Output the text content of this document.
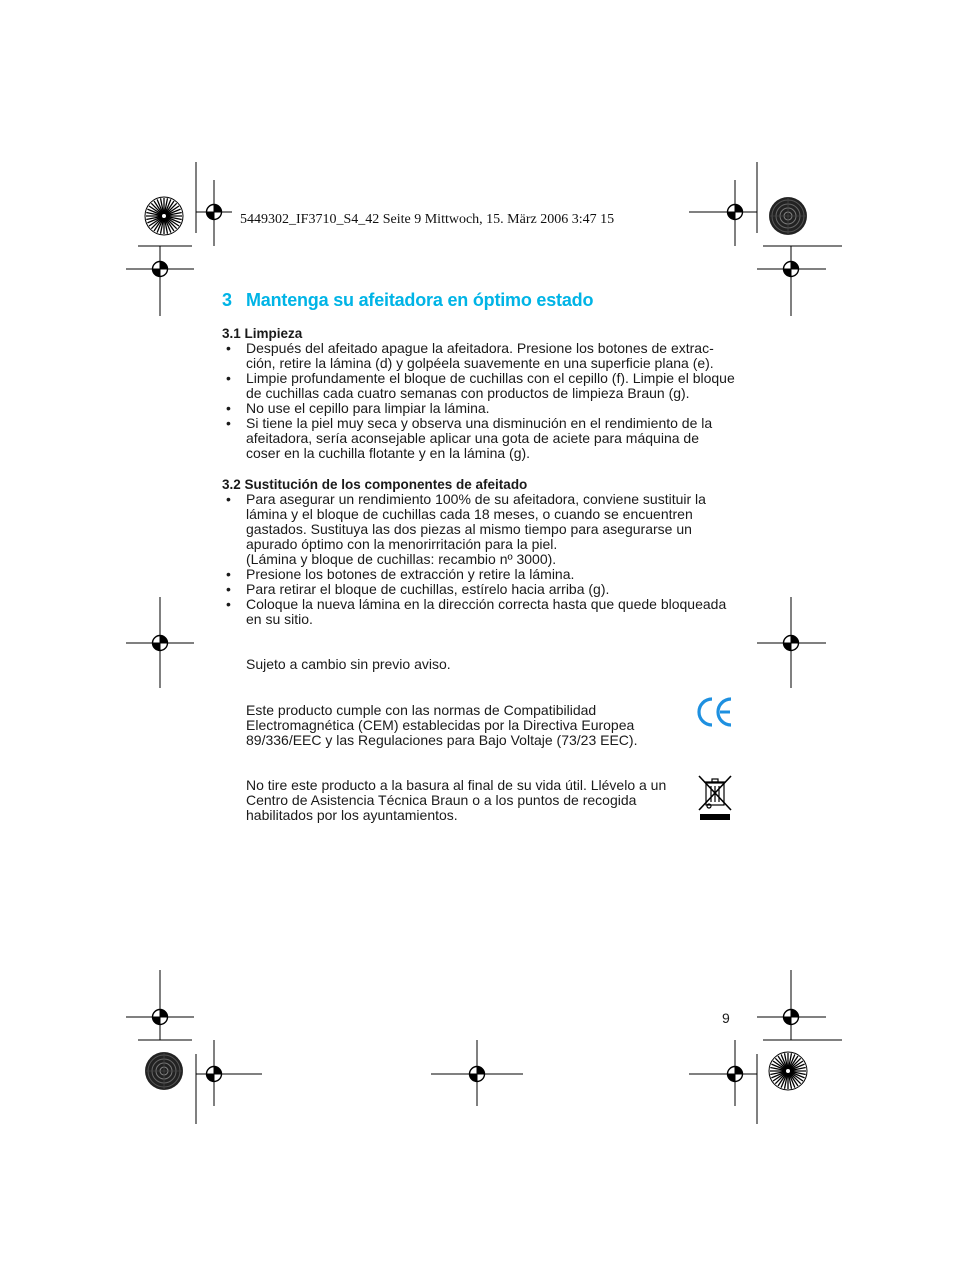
5449302_IF3710_S4_42 Seite 9 Mittwoch, 15. März 2006 3:47 15
3 Mantenga su afeitadora en óptimo estado
3.1 Limpieza
• Después del afeitado apague la afeitadora. Presione los botones de extrac-ción, retire la lámina (d) y golpéela suavemente en una superficie plana (e).
• Limpie profundamente el bloque de cuchillas con el cepillo (f). Limpie el bloque de cuchillas cada cuatro semanas con productos de limpieza Braun (g).
• No use el cepillo para limpiar la lámina.
• Si tiene la piel muy seca y observa una disminución en el rendimiento de la afeitadora, sería aconsejable aplicar una gota de aciete para máquina de coser en la cuchilla flotante y en la lámina (g).
3.2 Sustitución de los componentes de afeitado
• Para asegurar un rendimiento 100% de su afeitadora, conviene sustituir la lámina y el bloque de cuchillas cada 18 meses, o cuando se encuentren gastados. Sustituya las dos piezas al mismo tiempo para asegurarse un apurado óptimo con la menorirritación para la piel.
(Lámina y bloque de cuchillas: recambio nº 3000).
• Presione los botones de extracción y retire la lámina.
• Para retirar el bloque de cuchillas, estírelo hacia arriba (g).
• Coloque la nueva lámina en la dirección correcta hasta que quede bloqueada en su sitio.

Sujeto a cambio sin previo aviso.

Este producto cumple con las normas de Compatibilidad Electromagnética (CEM) establecidas por la Directiva Europea 89/336/EEC y las Regulaciones para Bajo Voltaje (73/23 EEC).

No tire este producto a la basura al final de su vida útil. Llévelo a un Centro de Asistencia Técnica Braun o a los puntos de recogida habilitados por los ayuntamientos.

9
